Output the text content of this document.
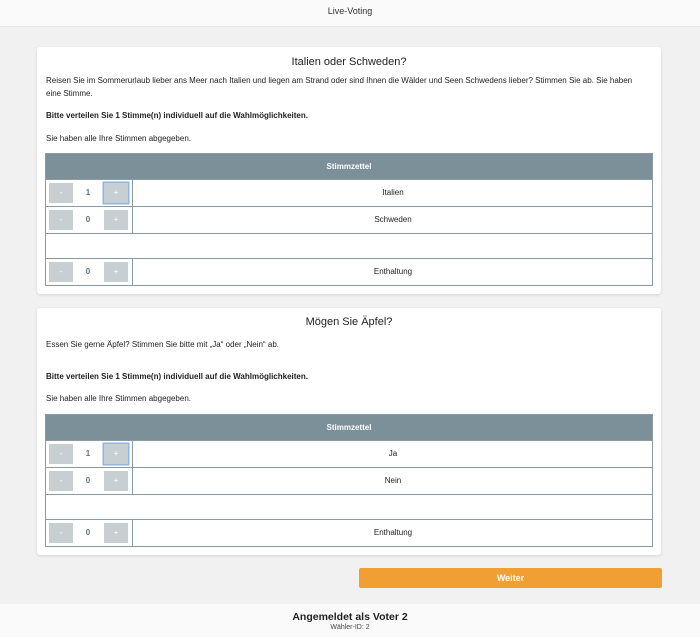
Live-Voting
Italien oder Schweden?
Reisen Sie im Sommerurlaub lieber ans Meer nach Italien und liegen am Strand oder sind Ihnen die Wälder und Seen Schwedens lieber? Stimmen Sie ab. Sie haben eine Stimme.
Bitte verteilen Sie 1 Stimme(n) individuell auf die Wahlmöglichkeiten.
Sie haben alle Ihre Stimmen abgegeben.
Stimmzettel
-	1	+	Italien
-	0	+	Schweden
-	0	+	Enthaltung
Mögen Sie Äpfel?
Essen Sie gerne Äpfel? Stimmen Sie bitte mit „Ja“ oder „Nein“ ab.
Bitte verteilen Sie 1 Stimme(n) individuell auf die Wahlmöglichkeiten.
Sie haben alle Ihre Stimmen abgegeben.
Stimmzettel
-	1	+	Ja
-	0	+	Nein
-	0	+	Enthaltung
Weiter
Angemeldet als Voter 2
Wähler-ID: 2
